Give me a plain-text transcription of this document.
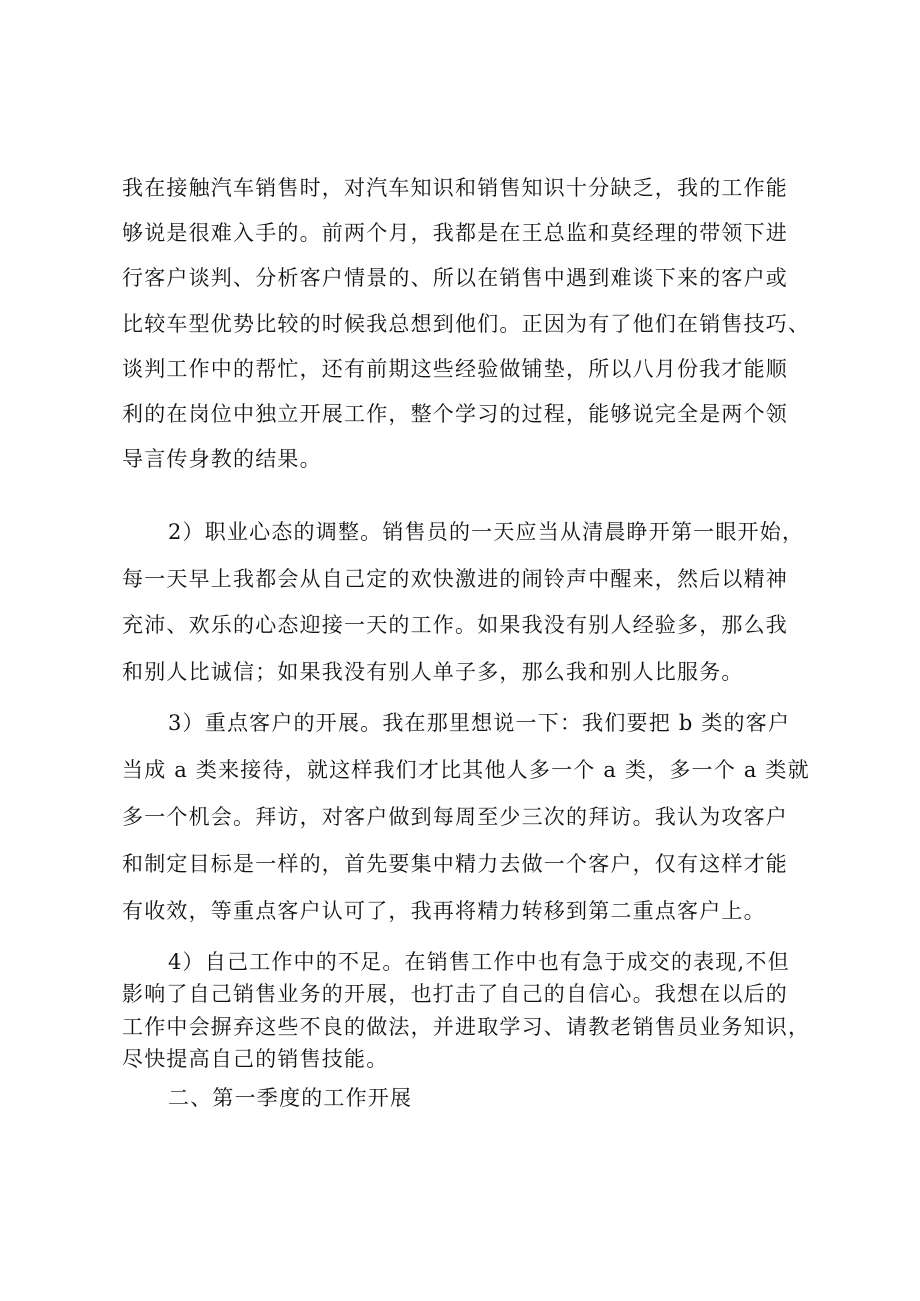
我在接触汽车销售时，对汽车知识和销售知识十分缺乏，我的工作能
够说是很难入手的。前两个月，我都是在王总监和莫经理的带领下进
行客户谈判、分析客户情景的、所以在销售中遇到难谈下来的客户或
比较车型优势比较的时候我总想到他们。正因为有了他们在销售技巧、
谈判工作中的帮忙，还有前期这些经验做铺垫，所以八月份我才能顺
利的在岗位中独立开展工作，整个学习的过程，能够说完全是两个领
导言传身教的结果。
2）职业心态的调整。销售员的一天应当从清晨睁开第一眼开始，
每一天早上我都会从自己定的欢快激进的闹铃声中醒来，然后以精神
充沛、欢乐的心态迎接一天的工作。如果我没有别人经验多，那么我
和别人比诚信；如果我没有别人单子多，那么我和别人比服务。
3）重点客户的开展。我在那里想说一下：我们要把 b 类的客户
当成 a 类来接待，就这样我们才比其他人多一个 a 类，多一个 a 类就
多一个机会。拜访，对客户做到每周至少三次的拜访。我认为攻客户
和制定目标是一样的，首先要集中精力去做一个客户，仅有这样才能
有收效，等重点客户认可了，我再将精力转移到第二重点客户上。
4）自己工作中的不足。在销售工作中也有急于成交的表现,不但
影响了自己销售业务的开展，也打击了自己的自信心。我想在以后的
工作中会摒弃这些不良的做法，并进取学习、请教老销售员业务知识，
尽快提高自己的销售技能。
二、第一季度的工作开展
